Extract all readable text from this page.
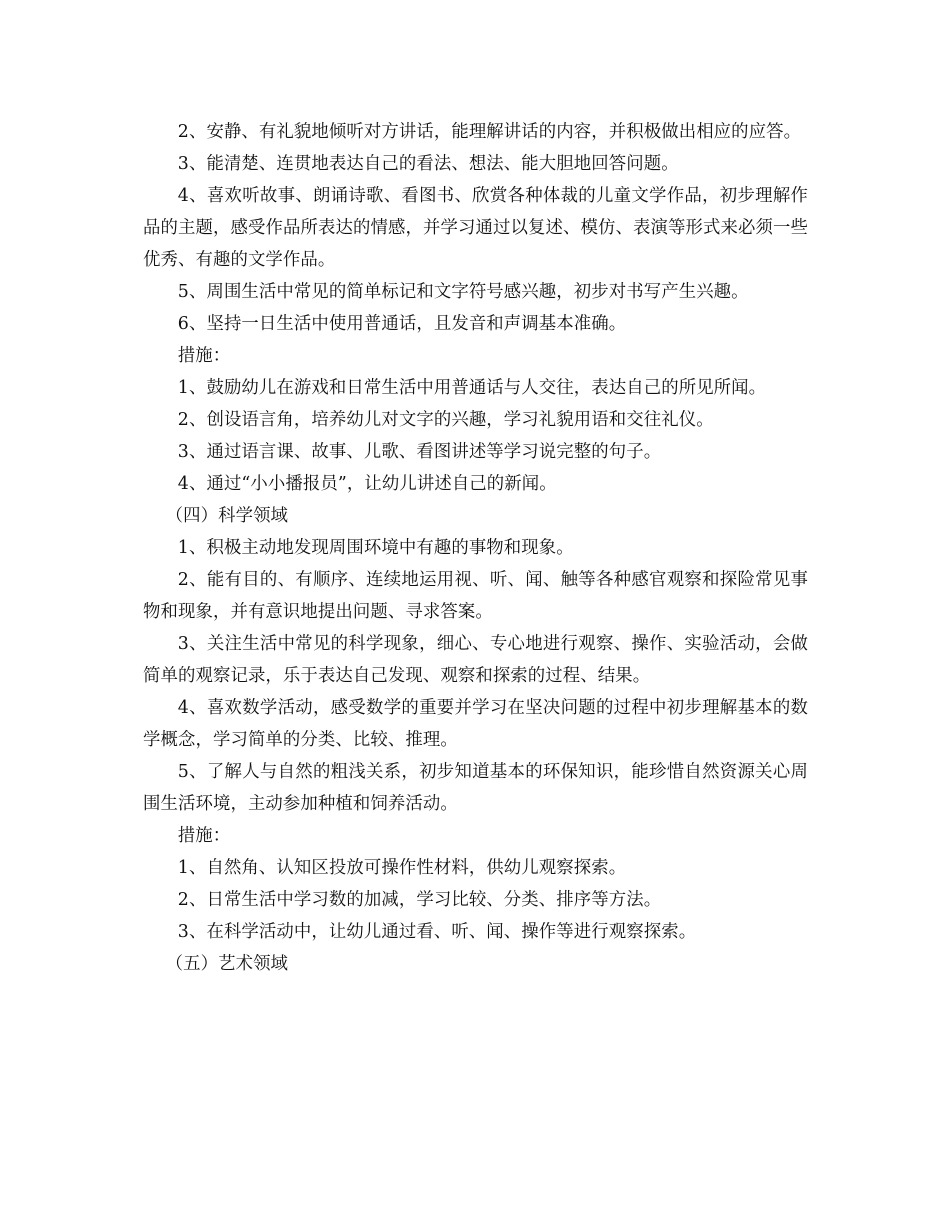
2、安静、有礼貌地倾听对方讲话，能理解讲话的内容，并积极做出相应的应答。

3、能清楚、连贯地表达自己的看法、想法、能大胆地回答问题。

4、喜欢听故事、朗诵诗歌、看图书、欣赏各种体裁的儿童文学作品，初步理解作品的主题，感受作品所表达的情感，并学习通过以复述、模仿、表演等形式来必须一些优秀、有趣的文学作品。

5、周围生活中常见的简单标记和文字符号感兴趣，初步对书写产生兴趣。

6、坚持一日生活中使用普通话，且发音和声调基本准确。

措施：

1、鼓励幼儿在游戏和日常生活中用普通话与人交往，表达自己的所见所闻。

2、创设语言角，培养幼儿对文字的兴趣，学习礼貌用语和交往礼仪。

3、通过语言课、故事、儿歌、看图讲述等学习说完整的句子。

4、通过“小小播报员”，让幼儿讲述自己的新闻。

（四）科学领域

1、积极主动地发现周围环境中有趣的事物和现象。

2、能有目的、有顺序、连续地运用视、听、闻、触等各种感官观察和探险常见事物和现象，并有意识地提出问题、寻求答案。

3、关注生活中常见的科学现象，细心、专心地进行观察、操作、实验活动，会做简单的观察记录，乐于表达自己发现、观察和探索的过程、结果。

4、喜欢数学活动，感受数学的重要并学习在坚决问题的过程中初步理解基本的数学概念，学习简单的分类、比较、推理。

5、了解人与自然的粗浅关系，初步知道基本的环保知识，能珍惜自然资源关心周围生活环境，主动参加种植和饲养活动。

措施：

1、自然角、认知区投放可操作性材料，供幼儿观察探索。

2、日常生活中学习数的加减，学习比较、分类、排序等方法。

3、在科学活动中，让幼儿通过看、听、闻、操作等进行观察探索。

（五）艺术领域
